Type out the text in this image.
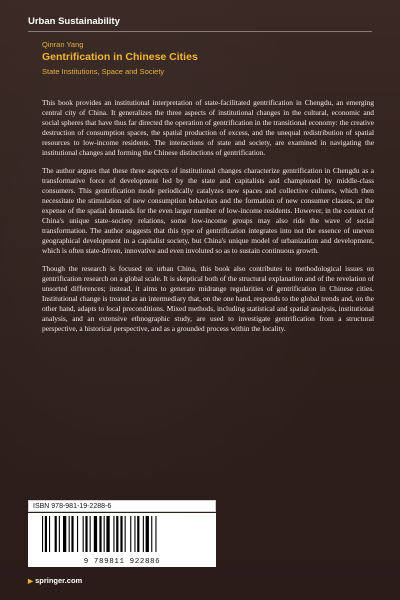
Urban Sustainability
Qinran Yang
Gentrification in Chinese Cities
State Institutions, Space and Society

This book provides an institutional interpretation of state-facilitated gentrification in Chengdu, an emerging central city of China. It generalizes the three aspects of institutional changes in the cultural, economic and social spheres that have thus far directed the operation of gentrification in the transitional economy: the creative destruction of consumption spaces, the spatial production of excess, and the unequal redistribution of spatial resources to low-income residents. The interactions of state and society, are examined in navigating the institutional changes and forming the Chinese distinctions of gentrification.

The author argues that these three aspects of institutional changes characterize gentrification in Chengdu as a transformative force of development led by the state and capitalists and championed by middle-class consumers. This gentrification mode periodically catalyzes new spaces and collective cultures, which then necessitate the stimulation of new consumption behaviors and the formation of new consumer classes, at the expense of the spatial demands for the even larger number of low-income residents. However, in the context of China's unique state–society relations, some low-income groups may also ride the wave of social transformation. The author suggests that this type of gentrification integrates into not the essence of uneven geographical development in a capitalist society, but China's unique model of urbanization and development, which is often state-driven, innovative and even involuted so as to sustain continuous growth.

Though the research is focused on urban China, this book also contributes to methodological issues on gentrification research on a global scale. It is skeptical both of the structural explanation and of the revelation of unsorted differences; instead, it aims to generate midrange regularities of gentrification in Chinese cities. Institutional change is treated as an intermediary that, on the one hand, responds to the global trends and, on the other hand, adapts to local preconditions. Mixed methods, including statistical and spatial analysis, institutional analysis, and an extensive ethnographic study, are used to investigate gentrification from a structural perspective, a historical perspective, and as a grounded process within the locality.

ISBN 978-981-19-2288-6
9 789811 922886
▶ springer.com
